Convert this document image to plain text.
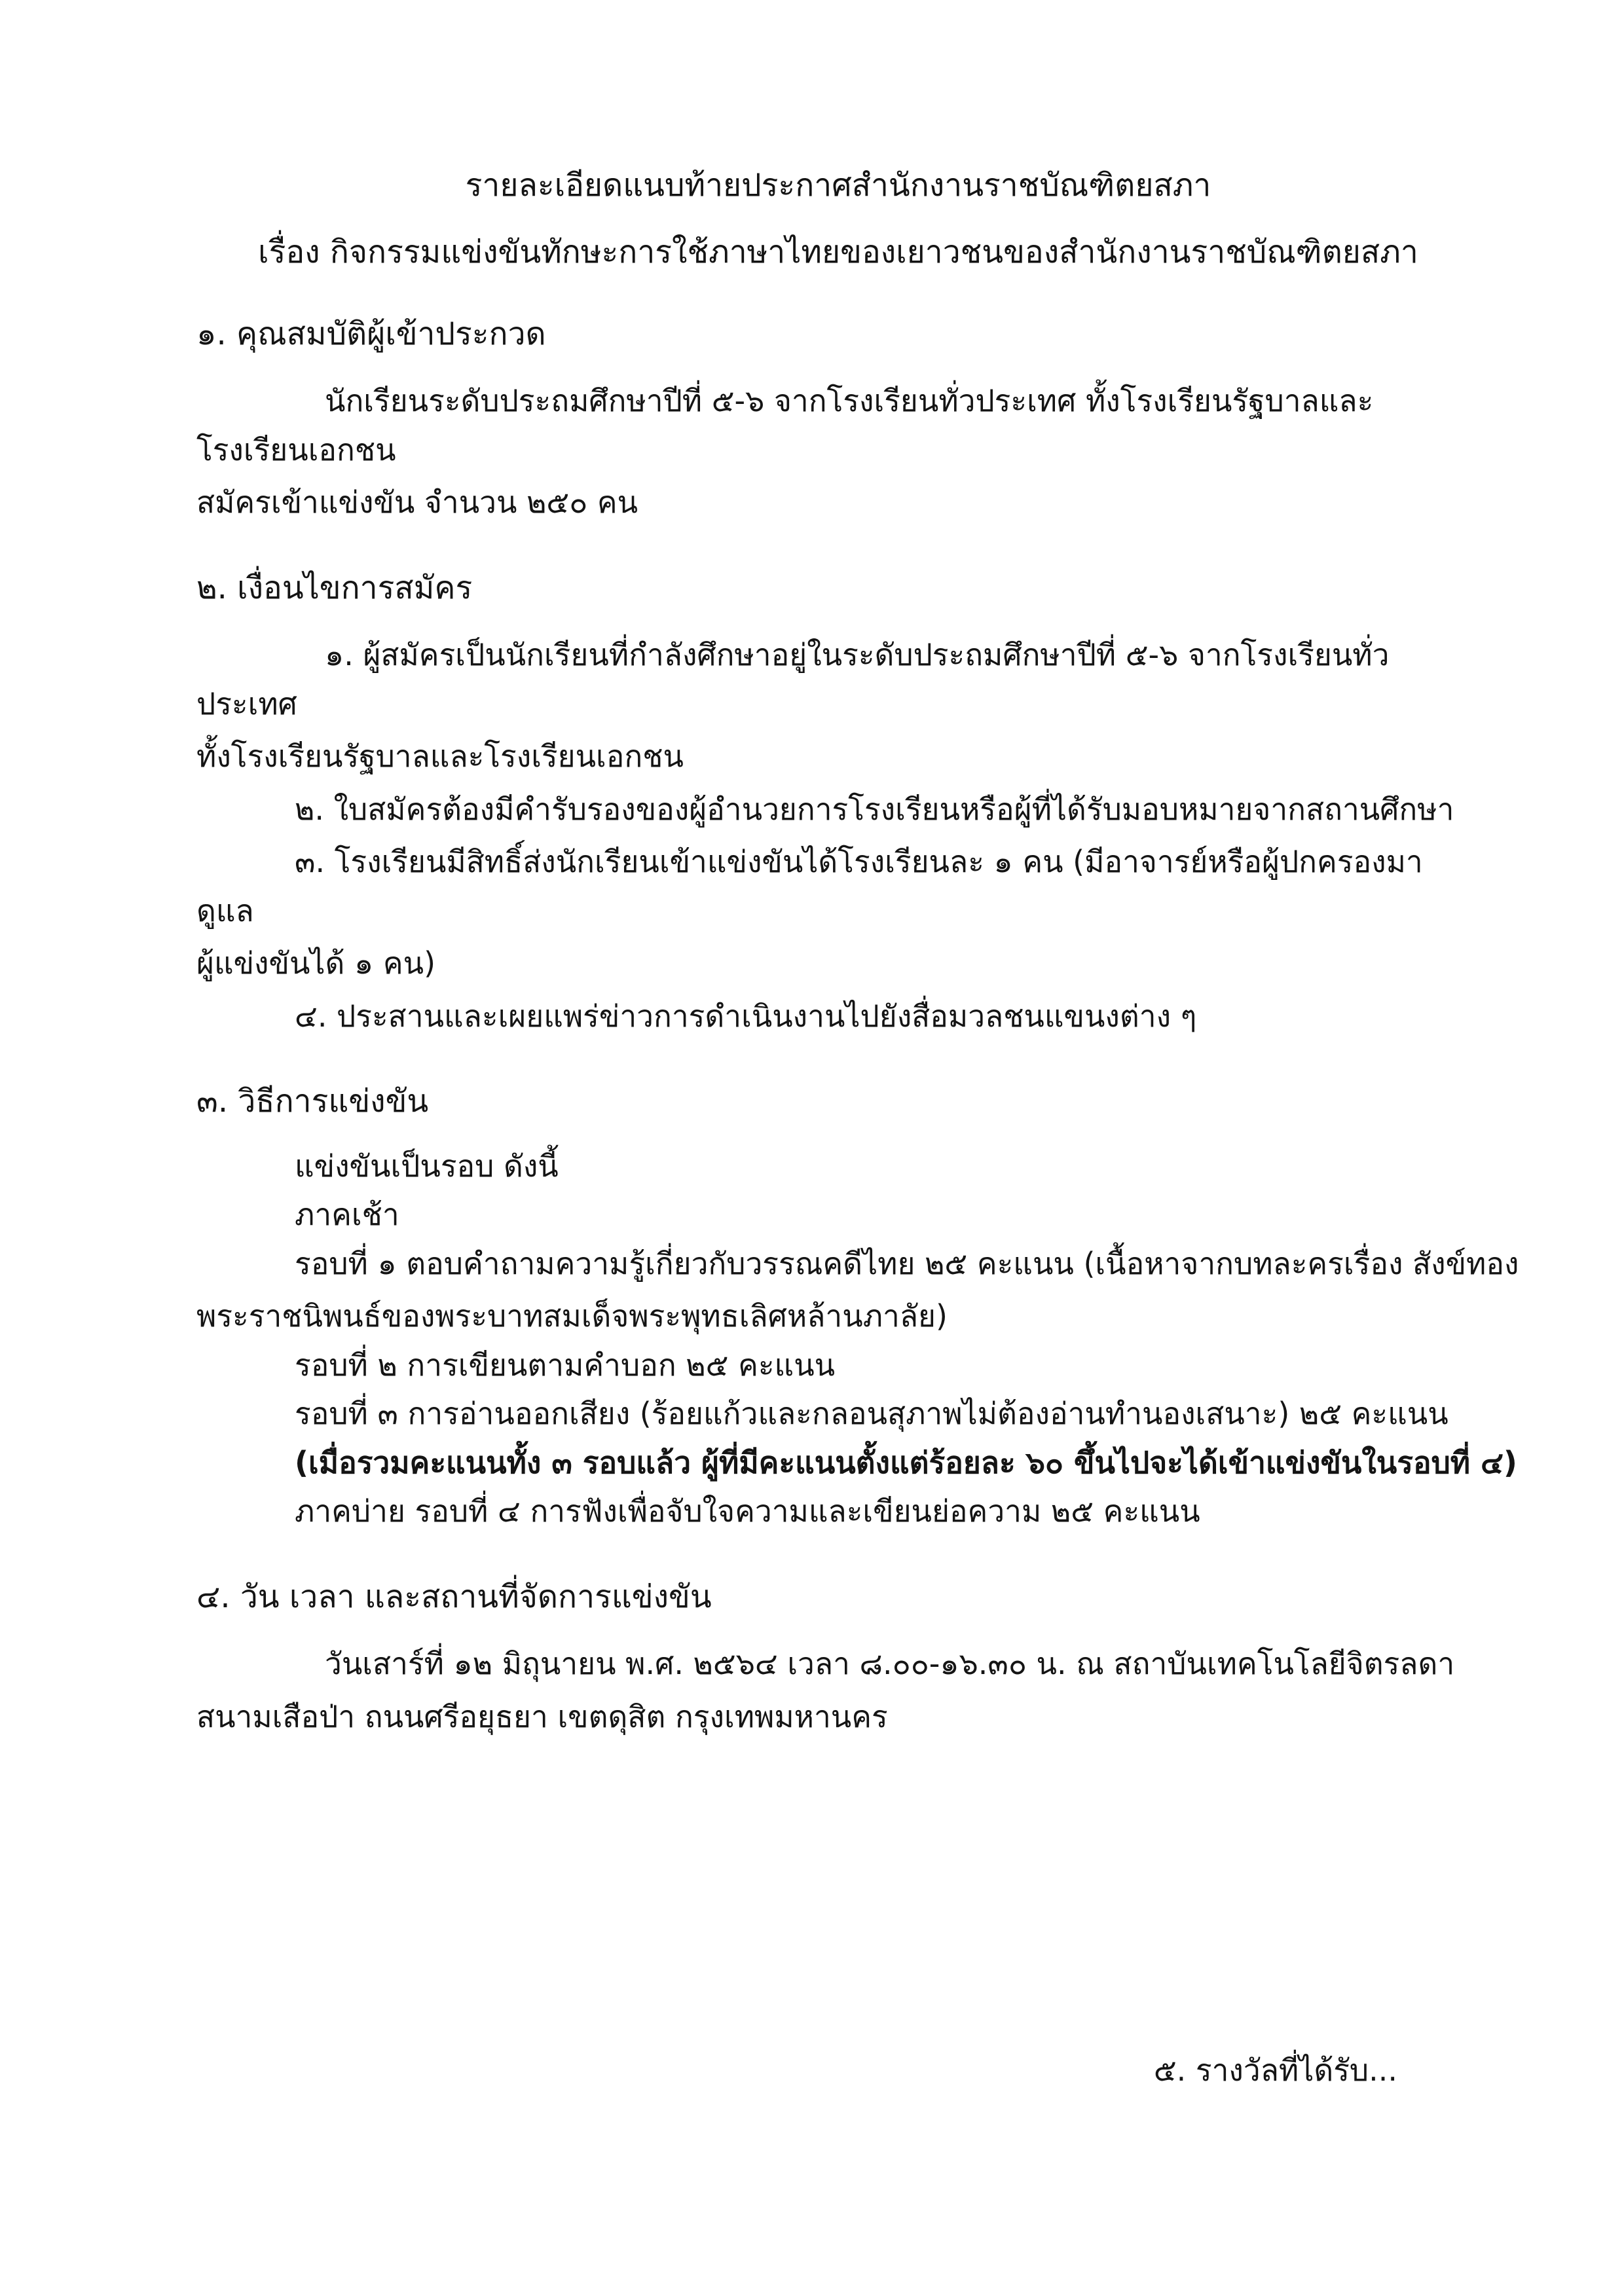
รายละเอียดแนบท้ายประกาศสำนักงานราชบัณฑิตยสภา
เรื่อง กิจกรรมแข่งขันทักษะการใช้ภาษาไทยของเยาวชนของสำนักงานราชบัณฑิตยสภา
๑. คุณสมบัติผู้เข้าประกวด
นักเรียนระดับประถมศึกษาปีที่ ๕-๖ จากโรงเรียนทั่วประเทศ ทั้งโรงเรียนรัฐบาลและโรงเรียนเอกชน
สมัครเข้าแข่งขัน จำนวน ๒๕๐ คน
๒. เงื่อนไขการสมัคร
๑. ผู้สมัครเป็นนักเรียนที่กำลังศึกษาอยู่ในระดับประถมศึกษาปีที่ ๕-๖ จากโรงเรียนทั่วประเทศ
ทั้งโรงเรียนรัฐบาลและโรงเรียนเอกชน
๒. ใบสมัครต้องมีคำรับรองของผู้อำนวยการโรงเรียนหรือผู้ที่ได้รับมอบหมายจากสถานศึกษา
๓. โรงเรียนมีสิทธิ์ส่งนักเรียนเข้าแข่งขันได้โรงเรียนละ ๑ คน (มีอาจารย์หรือผู้ปกครองมาดูแล
ผู้แข่งขันได้ ๑ คน)
๔. ประสานและเผยแพร่ข่าวการดำเนินงานไปยังสื่อมวลชนแขนงต่าง ๆ
๓. วิธีการแข่งขัน
แข่งขันเป็นรอบ ดังนี้
ภาคเช้า
รอบที่ ๑ ตอบคำถามความรู้เกี่ยวกับวรรณคดีไทย ๒๕ คะแนน (เนื้อหาจากบทละครเรื่อง สังข์ทอง
พระราชนิพนธ์ของพระบาทสมเด็จพระพุทธเลิศหล้านภาลัย)
รอบที่ ๒ การเขียนตามคำบอก ๒๕ คะแนน
รอบที่ ๓ การอ่านออกเสียง (ร้อยแก้วและกลอนสุภาพไม่ต้องอ่านทำนองเสนาะ) ๒๕ คะแนน
(เมื่อรวมคะแนนทั้ง ๓ รอบแล้ว ผู้ที่มีคะแนนตั้งแต่ร้อยละ ๖๐ ขึ้นไปจะได้เข้าแข่งขันในรอบที่ ๔)
ภาคบ่าย รอบที่ ๔ การฟังเพื่อจับใจความและเขียนย่อความ ๒๕ คะแนน
๔. วัน เวลา และสถานที่จัดการแข่งขัน
วันเสาร์ที่ ๑๒ มิถุนายน พ.ศ. ๒๕๖๔ เวลา ๘.๐๐-๑๖.๓๐ น. ณ สถาบันเทคโนโลยีจิตรลดา
สนามเสือป่า ถนนศรีอยุธยา เขตดุสิต กรุงเทพมหานคร
๕. รางวัลที่ได้รับ...
